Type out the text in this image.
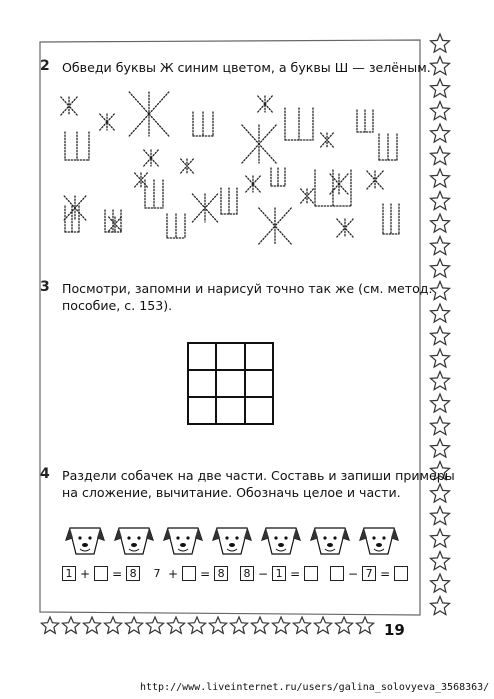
2 Обведи буквы Ж синим цветом, а буквы Ш — зелёным.
3 Посмотри, запомни и нарисуй точно так же (см. метод.
пособие, с. 153).
4 Раздели собачек на две части. Составь и запиши примеры
на сложение, вычитание. Обозначь целое и части.
1 + = 8	7 + = 8	8 − 1 =	− 7 =
19
http://www.liveinternet.ru/users/galina_solovyeva_3568363/
